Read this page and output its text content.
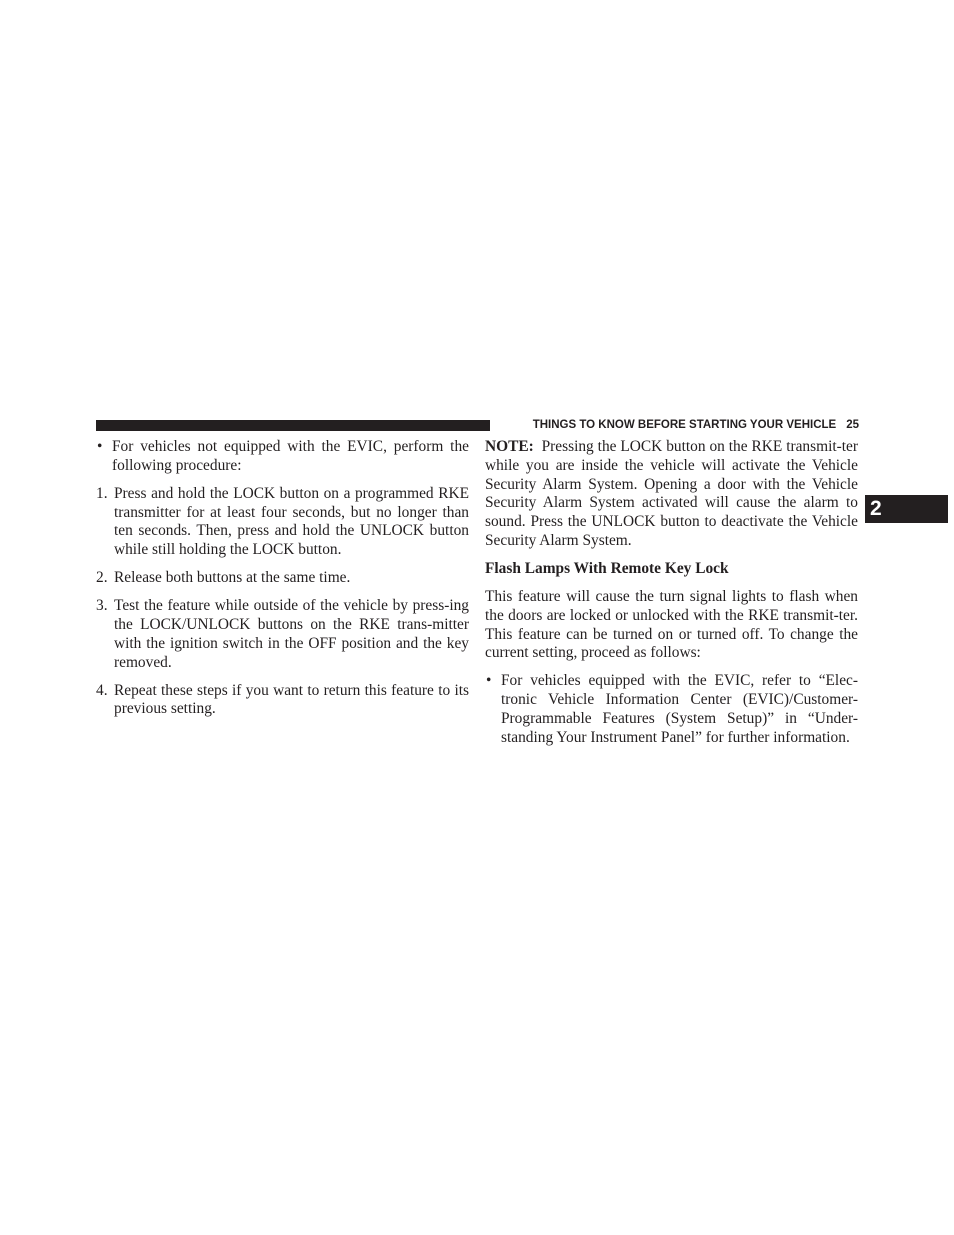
THINGS TO KNOW BEFORE STARTING YOUR VEHICLE 25
2
• For vehicles not equipped with the EVIC, perform the following procedure:
1. Press and hold the LOCK button on a programmed RKE transmitter for at least four seconds, but no longer than ten seconds. Then, press and hold the UNLOCK button while still holding the LOCK button.
2. Release both buttons at the same time.
3. Test the feature while outside of the vehicle by press-ing the LOCK/UNLOCK buttons on the RKE trans-mitter with the ignition switch in the OFF position and the key removed.
4. Repeat these steps if you want to return this feature to its previous setting.

NOTE: Pressing the LOCK button on the RKE transmit-ter while you are inside the vehicle will activate the Vehicle Security Alarm System. Opening a door with the Vehicle Security Alarm System activated will cause the alarm to sound. Press the UNLOCK button to deactivate the Vehicle Security Alarm System.

Flash Lamps With Remote Key Lock

This feature will cause the turn signal lights to flash when the doors are locked or unlocked with the RKE transmit-ter. This feature can be turned on or turned off. To change the current setting, proceed as follows:

• For vehicles equipped with the EVIC, refer to “Elec-tronic Vehicle Information Center (EVIC)/Customer-Programmable Features (System Setup)” in “Under-standing Your Instrument Panel” for further information.
